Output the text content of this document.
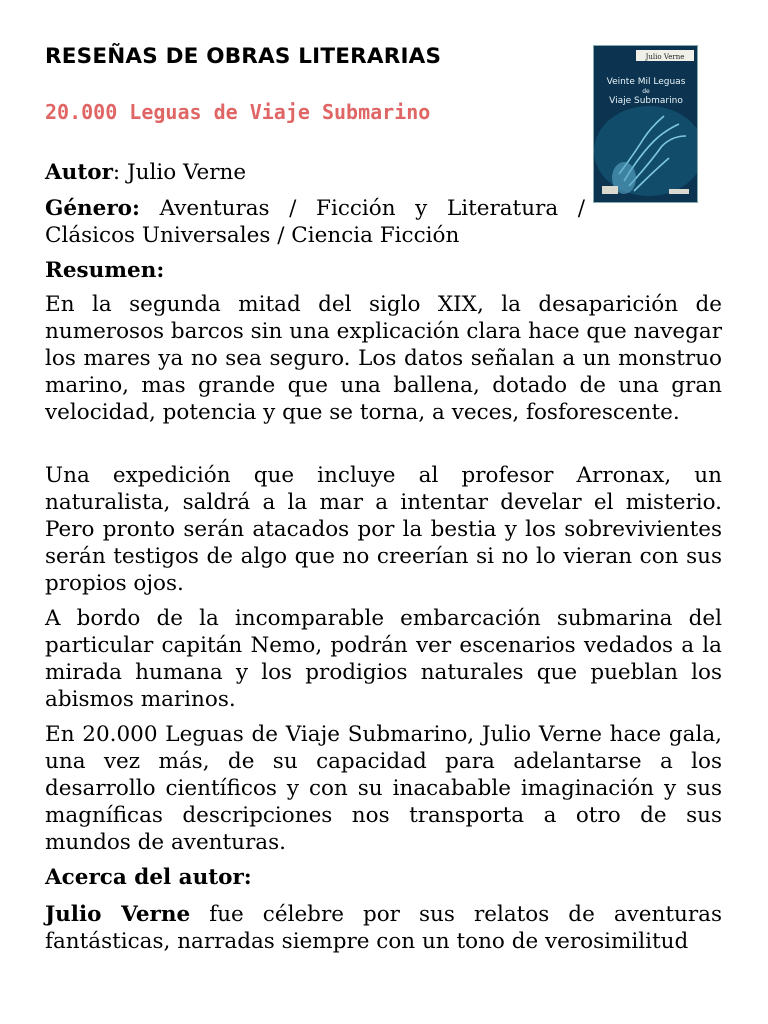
RESEÑAS DE OBRAS LITERARIAS
20.000 Leguas de Viaje Submarino
Julio Verne
Veinte Mil Leguas
de
Viaje Submarino
Autor: Julio Verne
Género: Aventuras / Ficción y Literatura / Clásicos Universales / Ciencia Ficción
Resumen:

En la segunda mitad del siglo XIX, la desaparición de numerosos barcos sin una explicación clara hace que navegar los mares ya no sea seguro. Los datos señalan a un monstruo marino, mas grande que una ballena, dotado de una gran velocidad, potencia y que se torna, a veces, fosforescente.

Una expedición que incluye al profesor Arronax, un naturalista, saldrá a la mar a intentar develar el misterio. Pero pronto serán atacados por la bestia y los sobrevivientes serán testigos de algo que no creerían si no lo vieran con sus propios ojos.

A bordo de la incomparable embarcación submarina del particular capitán Nemo, podrán ver escenarios vedados a la mirada humana y los prodigios naturales que pueblan los abismos marinos.

En 20.000 Leguas de Viaje Submarino, Julio Verne hace gala, una vez más, de su capacidad para adelantarse a los desarrollo científicos y con su inacabable imaginación y sus magníficas descripciones nos transporta a otro de sus mundos de aventuras.

Acerca del autor:

Julio Verne fue célebre por sus relatos de aventuras fantásticas, narradas siempre con un tono de verosimilitud
